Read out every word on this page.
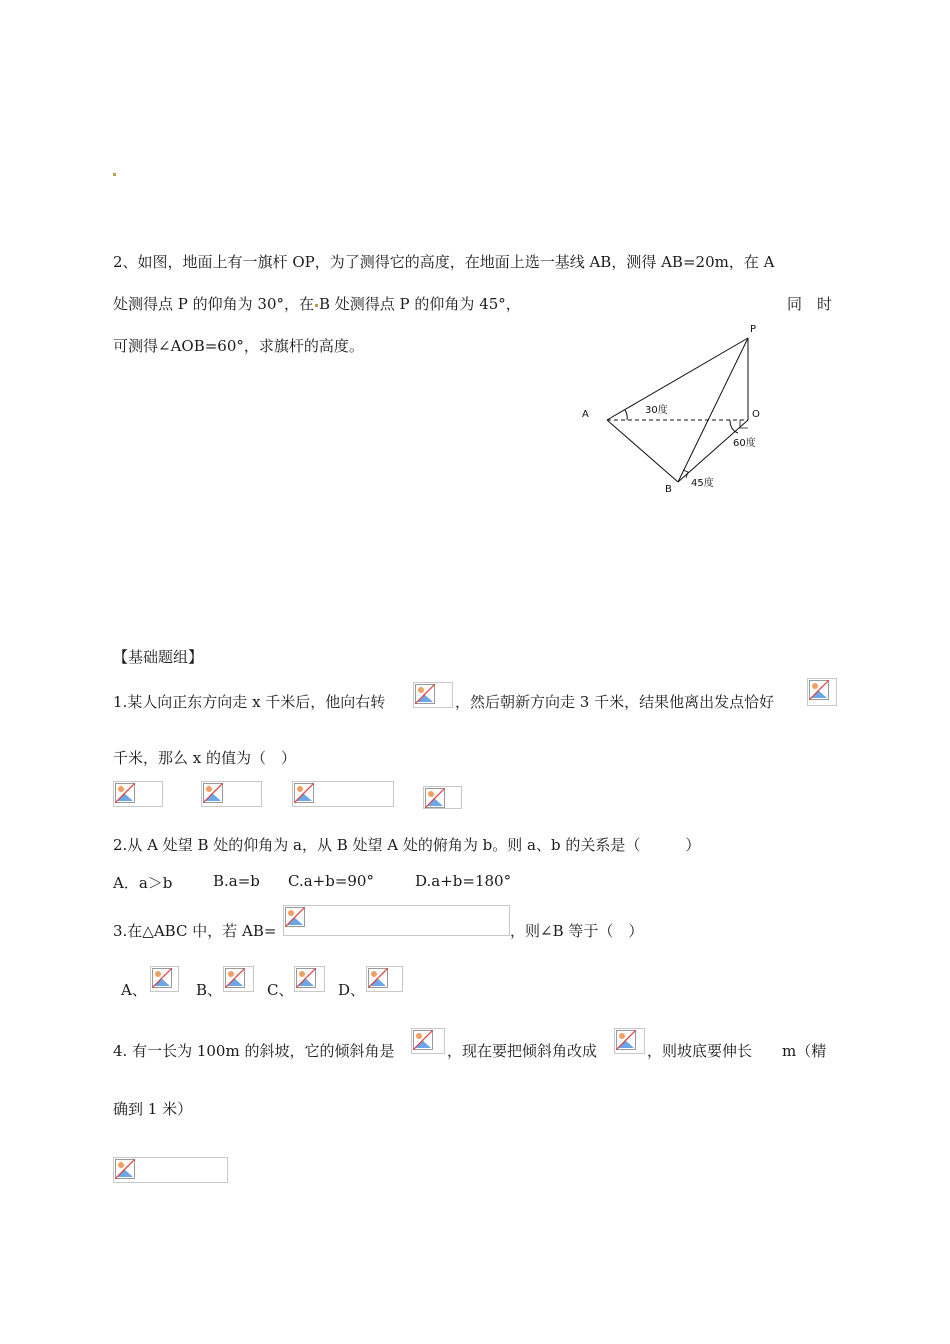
2、如图，地面上有一旗杆 OP，为了测得它的高度，在地面上选一基线 AB，测得 AB=20m，在 A
处测得点 P 的仰角为 30°，在 B 处测得点 P 的仰角为 45°，	同　时
可测得∠AOB=60°，求旗杆的高度。
P
A	O
B
30度
60度
45度
【基础题组】
1.某人向正东方向走 x 千米后，他向右转	，然后朝新方向走 3 千米，结果他离出发点恰好
千米，那么 x 的值为（　）
2.从 A 处望 B 处的仰角为 a，从 B 处望 A 处的俯角为 b。则 a、b 的关系是（　　　）
A．a＞b	B.a=b C.a+b=90°	D.a+b=180°
3.在△ABC 中，若 AB=	，则∠B 等于（　）
A、	B、	C、	D、
4. 有一长为 100m 的斜坡，它的倾斜角是	，现在要把倾斜角改成	，则坡底要伸长　　m（精
确到 1 米）
